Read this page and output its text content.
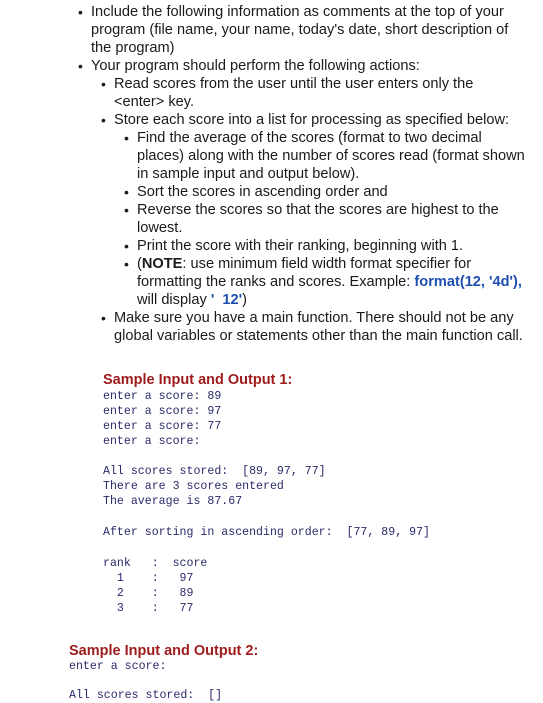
• Include the following information as comments at the top of your
program (file name, your name, today's date, short description of
the program)
• Your program should perform the following actions:
• Read scores from the user until the user enters only the
<enter> key.
• Store each score into a list for processing as specified below:
• Find the average of the scores (format to two decimal
places) along with the number of scores read (format shown
in sample input and output below).
• Sort the scores in ascending order and
• Reverse the scores so that the scores are highest to the
lowest.
• Print the score with their ranking, beginning with 1.
• (NOTE: use minimum field width format specifier for
formatting the ranks and scores. Example: format(12, '4d'),
will display '  12')
• Make sure you have a main function. There should not be any
global variables or statements other than the main function call.
Sample Input and Output 1:
enter a score: 89
enter a score: 97
enter a score: 77
enter a score:
All scores stored:  [89, 97, 77]
There are 3 scores entered
The average is 87.67
After sorting in ascending order:  [77, 89, 97]
rank   :  score
1    :   97
2    :   89
3    :   77
Sample Input and Output 2:
enter a score:
All scores stored:  []
